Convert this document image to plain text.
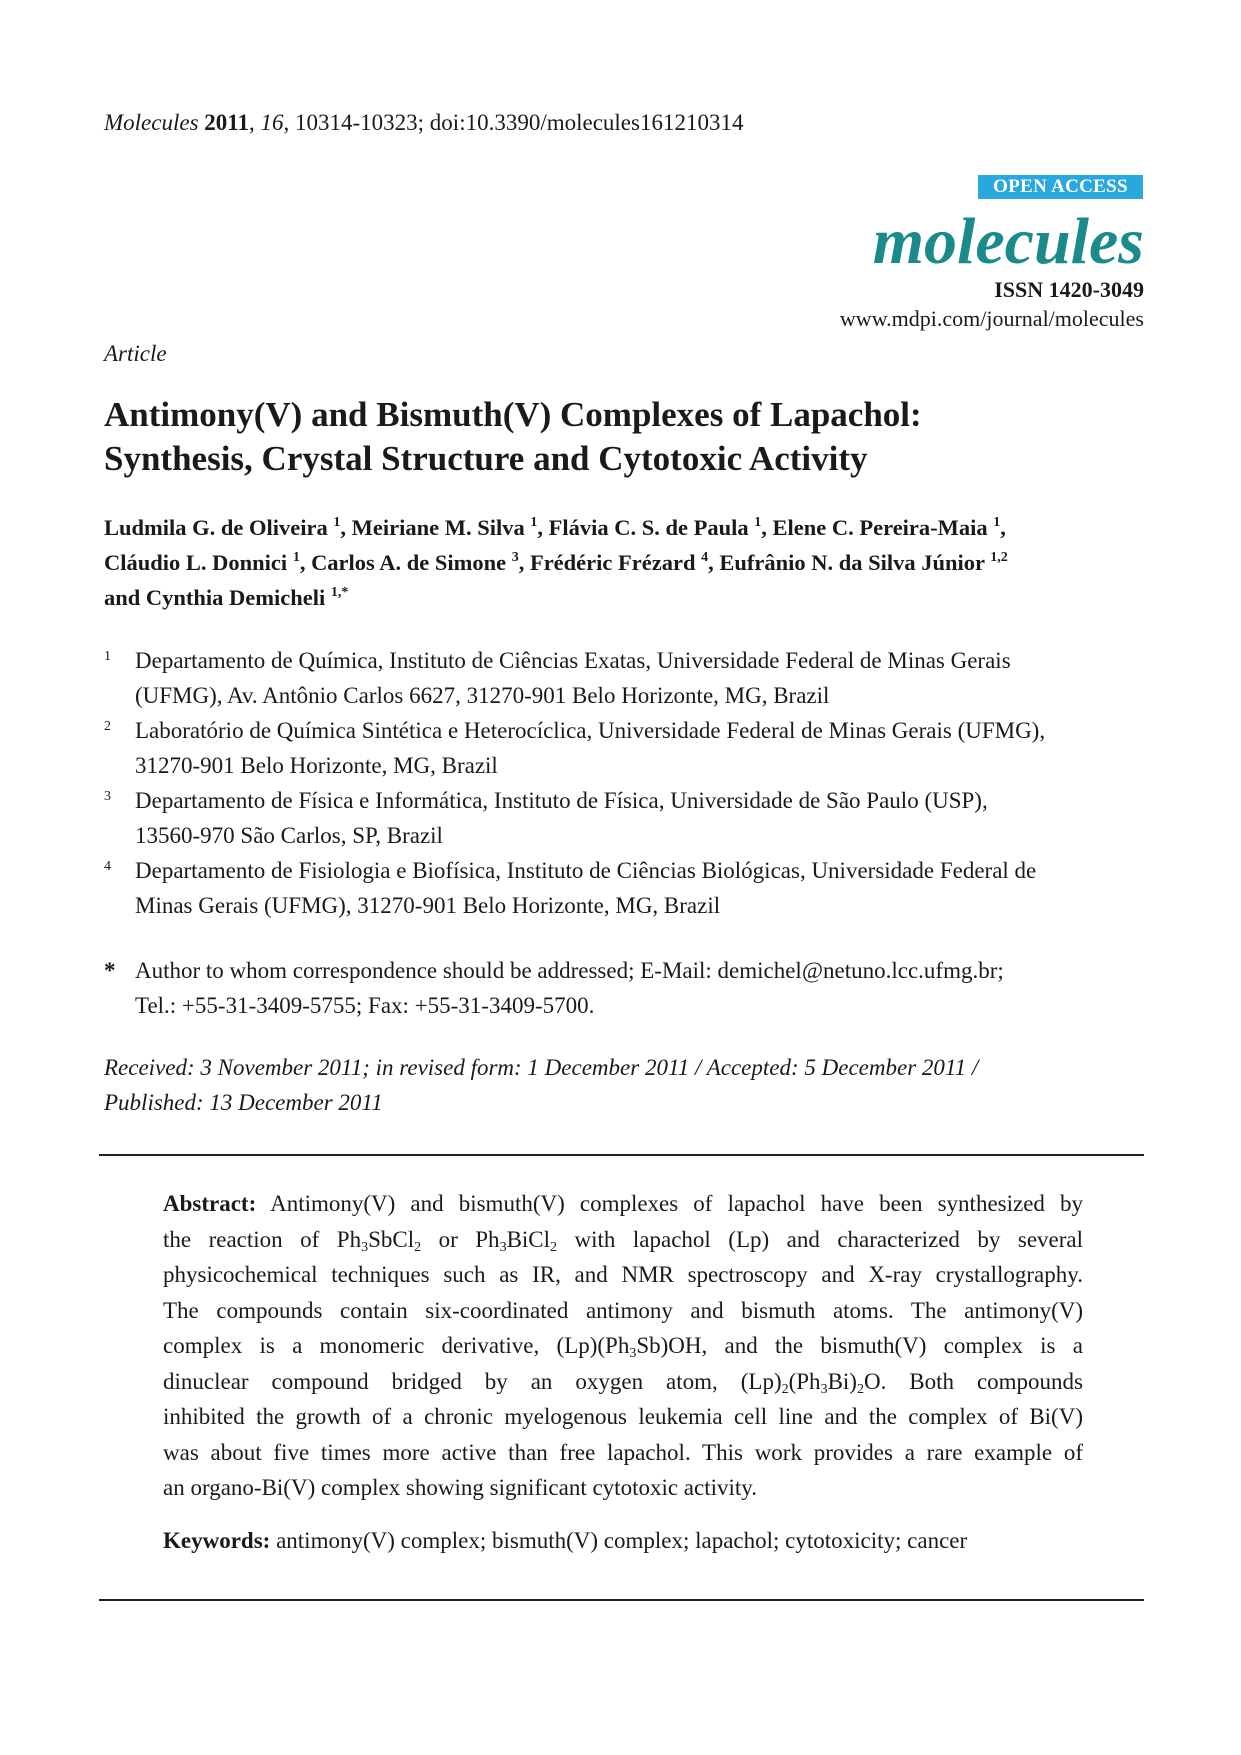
Molecules 2011, 16, 10314-10323; doi:10.3390/molecules161210314
OPEN ACCESS
molecules
ISSN 1420-3049
www.mdpi.com/journal/molecules
Article
Antimony(V) and Bismuth(V) Complexes of Lapachol:
Synthesis, Crystal Structure and Cytotoxic Activity
Ludmila G. de Oliveira $^1$, Meiriane M. Silva $^1$, Flávia C. S. de Paula $^1$, Elene C. Pereira-Maia $^1$,
Cláudio L. Donnici $^1$, Carlos A. de Simone $^3$, Frédéric Frézard $^4$, Eufrânio N. da Silva Júnior $^{1,2}$
and Cynthia Demicheli $^{1,*}$
1 Departamento de Química, Instituto de Ciências Exatas, Universidade Federal de Minas Gerais
(UFMG), Av. Antônio Carlos 6627, 31270-901 Belo Horizonte, MG, Brazil
2 Laboratório de Química Sintética e Heterocíclica, Universidade Federal de Minas Gerais (UFMG),
31270-901 Belo Horizonte, MG, Brazil
3 Departamento de Física e Informática, Instituto de Física, Universidade de São Paulo (USP),
13560-970 São Carlos, SP, Brazil
4 Departamento de Fisiologia e Biofísica, Instituto de Ciências Biológicas, Universidade Federal de
Minas Gerais (UFMG), 31270-901 Belo Horizonte, MG, Brazil
* Author to whom correspondence should be addressed; E-Mail: demichel@netuno.lcc.ufmg.br;
Tel.: +55-31-3409-5755; Fax: +55-31-3409-5700.
Received: 3 November 2011; in revised form: 1 December 2011 / Accepted: 5 December 2011 /
Published: 13 December 2011
Abstract: Antimony(V) and bismuth(V) complexes of lapachol have been synthesized by
the reaction of $Ph_3SbCl_2$ or $Ph_3BiCl_2$ with lapachol (Lp) and characterized by several
physicochemical techniques such as IR, and NMR spectroscopy and X-ray crystallography.
The compounds contain six-coordinated antimony and bismuth atoms. The antimony(V)
complex is a monomeric derivative, $(Lp)(Ph_3Sb)OH$, and the bismuth(V) complex is a
dinuclear compound bridged by an oxygen atom, $(Lp)_2(Ph_3Bi)_2O$. Both compounds
inhibited the growth of a chronic myelogenous leukemia cell line and the complex of Bi(V)
was about five times more active than free lapachol. This work provides a rare example of
an organo-Bi(V) complex showing significant cytotoxic activity.
Keywords: antimony(V) complex; bismuth(V) complex; lapachol; cytotoxicity; cancer
